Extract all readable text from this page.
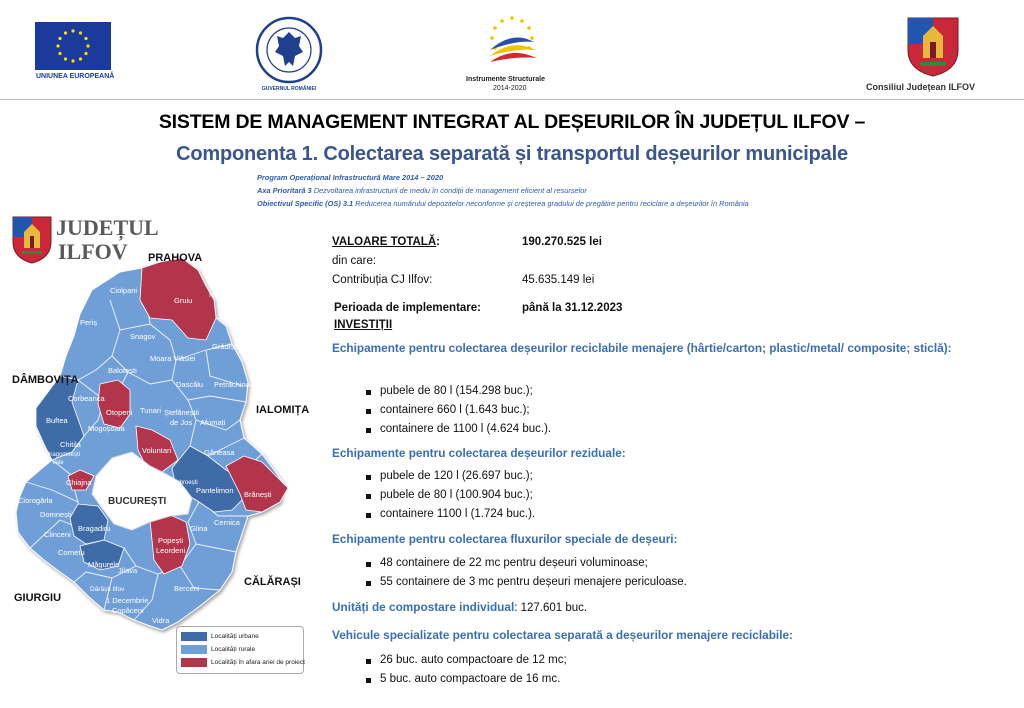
UNIUNEA EUROPEANĂ
GUVERNUL ROMÂNIEI
Instrumente Structurale
2014-2020	Consiliul Județean ILFOV
SISTEM DE MANAGEMENT INTEGRAT AL DEȘEURILOR ÎN JUDEȚUL ILFOV –
Componenta 1. Colectarea separată și transportul deșeurilor municipale
Program Operațional Infrastructură Mare 2014 – 2020
Axa Prioritară 3 Dezvoltarea infrastructurii de mediu în condiții de management eficient al resurselor
Obiectivul Specific (OS) 3.1 Reducerea numărului depozitelor neconforme și creșterea gradului de pregătire pentru reciclare a deșeurilor în România
JUDEȚUL
ILFOV	PRAHOVA
DÂMBOVIȚA
IALOMIȚA
CĂLĂRAȘI
GIURGIU
BUCUREȘTI
Ciolpani
Gruiu
Nuci
Periș
Snagov
Grădiștea
Moara Vlăsiei
Balotești
Dascălu Petrăchioaia
Corbeanca
Otopeni Tunari Ștefăneștii
de Jos Afumați
Buftea
Mogoșoaia
Chitila
Voluntari	Găneasa
Dragomirești
Vale
Chiajna	Dobroești
Pantelimon Brănești
Ciorogârla
Domnești
Bragadiru
Clinceni
Glina
Cernica
Cornetu
Măgurele
Popești
Leordeni
Jilava
Dărăști Ilfov
1 Decembrie
Berceni
Copăceni
Vidra
Localități urbane
Localități rurale
Localități în afara ariei de proiect
VALOARE TOTALĂ:	190.270.525 lei
din care:
Contribuția CJ Ilfov:	45.635.149 lei
Perioada de implementare:	până la 31.12.2023
INVESTIȚII
Echipamente pentru colectarea deșeurilor reciclabile menajere (hârtie/carton; plastic/metal/ composite; sticlă):
pubele de 80 l (154.298 buc.);
containere 660 l (1.643 buc.);
containere de 1100 l (4.624 buc.).
Echipamente pentru colectarea deșeurilor reziduale:
pubele de 120 l (26.697 buc.);
pubele de 80 l (100.904 buc.);
containere 1100 l (1.724 buc.).
Echipamente pentru colectarea fluxurilor speciale de deșeuri:
48 containere de 22 mc pentru deșeuri voluminoase;
55 containere de 3 mc pentru deșeuri menajere periculoase.
Unități de compostare individual: 127.601 buc.
Vehicule specializate pentru colectarea separată a deșeurilor menajere reciclabile:
26 buc. auto compactoare de 12 mc;
5 buc. auto compactoare de 16 mc.
